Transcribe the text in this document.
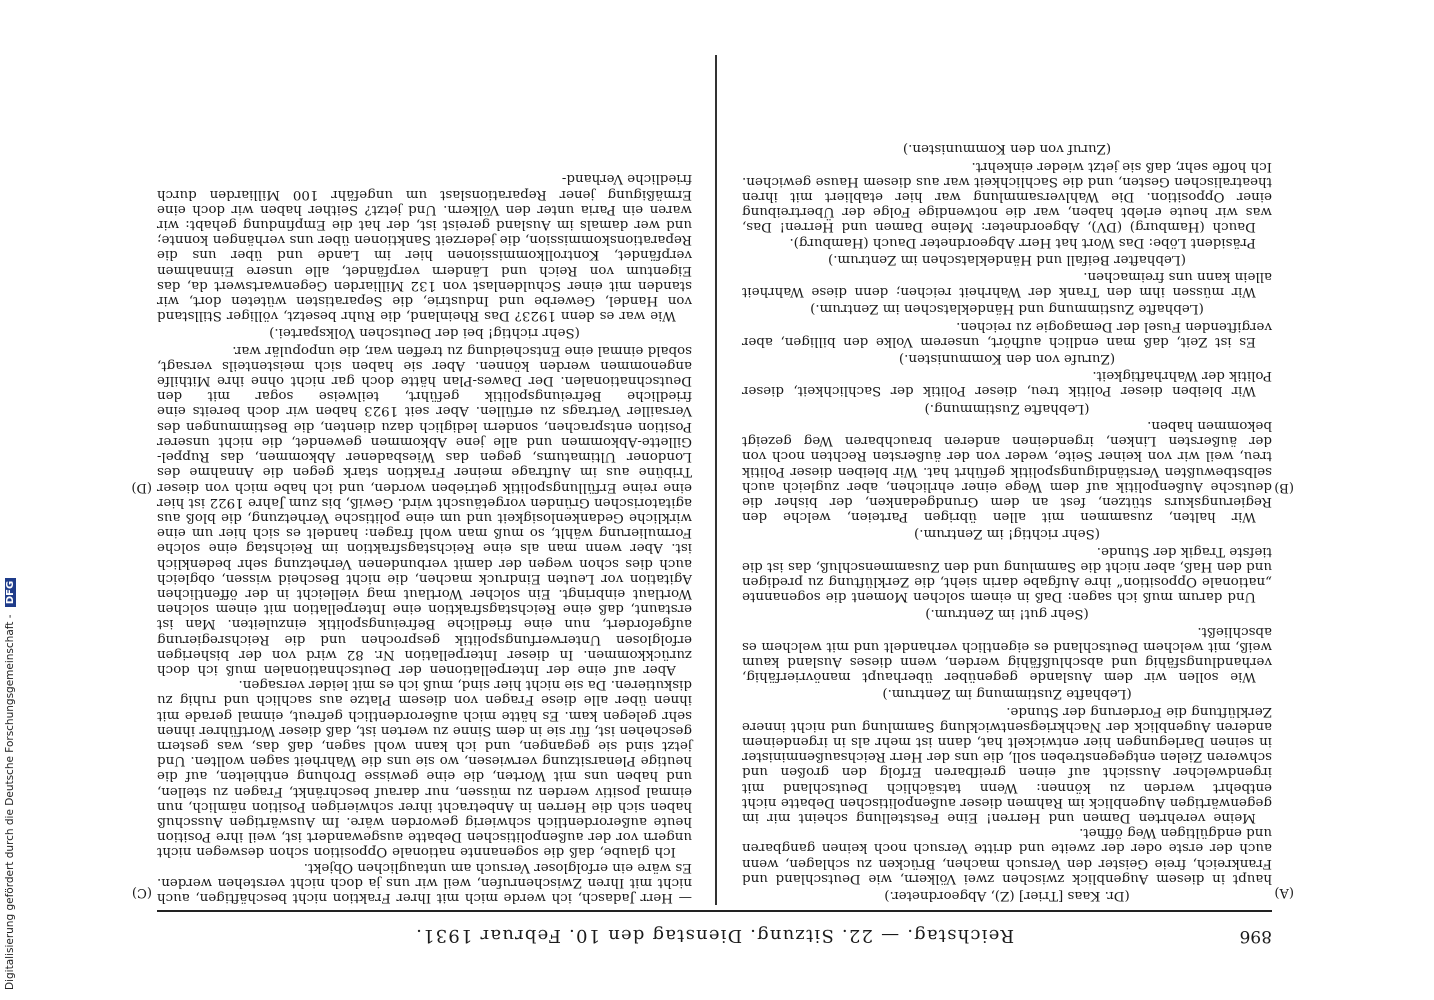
896
Reichstag. — 22. Sitzung. Dienstag den 10. Februar 1931.
(A)
(B)
(C)
(D)

(Dr. Kaas [Trier] (Z), Abgeordneter.)

haupt in diesem Augenblick zwischen zwei Völkern, wie Deutschland und Frankreich, freie Geister den Versuch machen, Brücken zu schlagen, wenn auch der erste oder der zweite und dritte Versuch noch keinen gangbaren und endgültigen Weg öffnet.

Meine verehrten Damen und Herren! Eine Feststellung scheint mir im gegenwärtigen Augenblick im Rahmen dieser außenpolitischen Debatte nicht entbehrt werden zu können: Wenn tatsächlich Deutschland mit irgendwelcher Aussicht auf einen greifbaren Erfolg den großen und schweren Zielen entgegenstreben soll, die uns der Herr Reichsaußenminister in seinen Darlegungen hier entwickelt hat, dann ist mehr als in irgendeinem anderen Augenblick der Nachkriegsentwicklung Sammlung und nicht innere Zerklüftung die Forderung der Stunde.

(Lebhafte Zustimmung im Zentrum.)

Wie sollen wir dem Auslande gegenüber überhaupt manövrierfähig, verhandlungsfähig und abschlußfähig werden, wenn dieses Ausland kaum weiß, mit welchem Deutschland es eigentlich verhandelt und mit welchem es abschließt.

(Sehr gut! im Zentrum.)

Und darum muß ich sagen: Daß in einem solchen Moment die sogenannte „nationale Opposition“ ihre Aufgabe darin sieht, die Zerklüftung zu predigen und den Haß, aber nicht die Sammlung und den Zusammenschluß, das ist die tiefste Tragik der Stunde.

(Sehr richtig! im Zentrum.)

Wir halten, zusammen mit allen übrigen Parteien, welche den Regierungskurs stützen, fest an dem Grundgedanken, der bisher die deutsche Außenpolitik auf dem Wege einer ehrlichen, aber zugleich auch selbstbewußten Verständigungspolitik geführt hat. Wir bleiben dieser Politik treu, weil wir von keiner Seite, weder von der äußersten Rechten noch von der äußersten Linken, irgendeinen anderen brauchbaren Weg gezeigt bekommen haben.

(Lebhafte Zustimmung.)

Wir bleiben dieser Politik treu, dieser Politik der Sachlichkeit, dieser Politik der Wahrhaftigkeit.

(Zurufe von den Kommunisten.)

Es ist Zeit, daß man endlich aufhört, unserem Volke den billigen, aber vergiftenden Fusel der Demagogie zu reichen.

(Lebhafte Zustimmung und Händeklatschen im Zentrum.)

Wir müssen ihm den Trank der Wahrheit reichen; denn diese Wahrheit allein kann uns freimachen.

(Lebhafter Beifall und Händeklatschen im Zentrum.)

Präsident Löbe: Das Wort hat Herr Abgeordneter Dauch (Hamburg).

Dauch (Hamburg) (DV), Abgeordneter: Meine Damen und Herren! Das, was wir heute erlebt haben, war die notwendige Folge der Übertreibung einer Opposition. Die Wahlversammlung war hier etabliert mit ihren theatralischen Gesten, und die Sachlichkeit war aus diesem Hause gewichen. Ich hoffe sehr, daß sie jetzt wieder einkehrt.

(Zuruf von den Kommunisten.)

— Herr Jadasch, ich werde mich mit Ihrer Fraktion nicht beschäftigen, auch nicht mit Ihren Zwischenrufen, weil wir uns ja doch nicht verstehen werden. Es wäre ein erfolgloser Versuch am untauglichen Objekt.

Ich glaube, daß die sogenannte nationale Opposition schon deswegen nicht ungern vor der außenpolitischen Debatte ausgewandert ist, weil ihre Position heute außerordentlich schwierig geworden wäre. Im Auswärtigen Ausschuß haben sich die Herren in Anbetracht ihrer schwierigen Position nämlich, nun einmal positiv werden zu müssen, nur darauf beschränkt, Fragen zu stellen, und haben uns mit Worten, die eine gewisse Drohung enthielten, auf die heutige Plenarsitzung verwiesen, wo sie uns die Wahrheit sagen wollten. Und jetzt sind sie gegangen, und ich kann wohl sagen, daß das, was gestern geschehen ist, für sie in dem Sinne zu werten ist, daß dieser Wortführer ihnen sehr gelegen kam. Es hätte mich außerordentlich gefreut, einmal gerade mit ihnen über alle diese Fragen von diesem Platze aus sachlich und ruhig zu diskutieren. Da sie nicht hier sind, muß ich es mit leider versagen.

Aber auf eine der Interpellationen der Deutschnationalen muß ich doch zurückkommen. In dieser Interpellation Nr. 82 wird von der bisherigen erfolglosen Unterwerfungspolitik gesprochen und die Reichsregierung aufgefordert, nun eine friedliche Befreiungspolitik einzuleiten. Man ist erstaunt, daß eine Reichstagsfraktion eine Interpellation mit einem solchen Wortlaut einbringt. Ein solcher Wortlaut mag vielleicht in der öffentlichen Agitation vor Leuten Eindruck machen, die nicht Bescheid wissen, obgleich auch dies schon wegen der damit verbundenen Verhetzung sehr bedenklich ist. Aber wenn man als eine Reichstagsfraktion im Reichstag eine solche Formulierung wählt, so muß man wohl fragen: handelt es sich hier um eine wirkliche Gedankenlosigkeit und um eine politische Verhetzung, die bloß aus agitatorischen Gründen vorgetäuscht wird. Gewiß, bis zum Jahre 1922 ist hier eine reine Erfüllungspolitik getrieben worden, und ich habe mich von dieser Tribüne aus im Auftrage meiner Fraktion stark gegen die Annahme des Londoner Ultimatums, gegen das Wiesbadener Abkommen, das Ruppel-Gillette-Abkommen und alle jene Abkommen gewendet, die nicht unserer Position entsprachen, sondern lediglich dazu dienten, die Bestimmungen des Versailler Vertrags zu erfüllen. Aber seit 1923 haben wir doch bereits eine friedliche Befreiungspolitik geführt, teilweise sogar mit den Deutschnationalen. Der Dawes-Plan hätte doch gar nicht ohne ihre Mithilfe angenommen werden können. Aber sie haben sich meistenteils versagt, sobald einmal eine Entscheidung zu treffen war, die unpopulär war.

(Sehr richtig! bei der Deutschen Volkspartei.)

Wie war es denn 1923? Das Rheinland, die Ruhr besetzt, völliger Stillstand von Handel, Gewerbe und Industrie, die Separatisten wüteten dort, wir standen mit einer Schuldenlast von 132 Milliarden Gegenwartswert da, das Eigentum von Reich und Ländern verpfändet, alle unsere Einnahmen verpfändet, Kontrollkommissionen hier im Lande und über uns die Reparationskommission, die jederzeit Sanktionen über uns verhängen konnte; und wer damals im Ausland gereist ist, der hat die Empfindung gehabt: wir waren ein Paria unter den Völkern. Und jetzt? Seither haben wir doch eine Ermäßigung jener Reparationslast um ungefähr 100 Milliarden durch friedliche Verhand-

Digitalisierung gefördert durch die Deutsche Forschungsgemeinschaft - DFG
